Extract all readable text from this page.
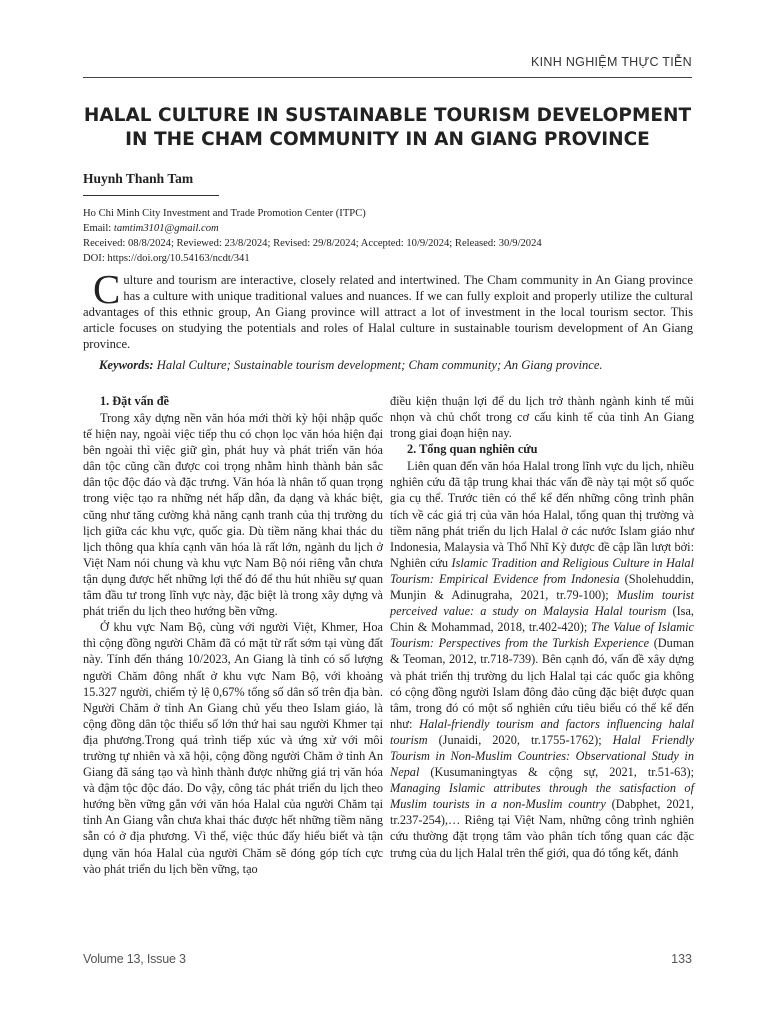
KINH NGHIỆM THỰC TIỄN
HALAL CULTURE IN SUSTAINABLE TOURISM DEVELOPMENT
IN THE CHAM COMMUNITY IN AN GIANG PROVINCE
Huynh Thanh Tam
Ho Chi Minh City Investment and Trade Promotion Center (ITPC)
Email: tamtim3101@gmail.com
Received: 08/8/2024; Reviewed: 23/8/2024; Revised: 29/8/2024; Accepted: 10/9/2024; Released: 30/9/2024
DOI: https://doi.org/10.54163/ncdt/341

Culture and tourism are interactive, closely related and intertwined. The Cham community in An Giang province has a culture with unique traditional values and nuances. If we can fully exploit and properly utilize the cultural advantages of this ethnic group, An Giang province will attract a lot of investment in the local tourism sector. This article focuses on studying the potentials and roles of Halal culture in sustainable tourism development of An Giang province.

Keywords: Halal Culture; Sustainable tourism development; Cham community; An Giang province.
1. Đặt vấn đề

Trong xây dựng nền văn hóa mới thời kỳ hội nhập quốc tế hiện nay, ngoài việc tiếp thu có chọn lọc văn hóa hiện đại bên ngoài thì việc giữ gìn, phát huy và phát triển văn hóa dân tộc cũng cần được coi trọng nhằm hình thành bản sắc dân tộc độc đáo và đặc trưng. Văn hóa là nhân tố quan trọng trong việc tạo ra những nét hấp dẫn, đa dạng và khác biệt, cũng như tăng cường khả năng cạnh tranh của thị trường du lịch giữa các khu vực, quốc gia. Dù tiềm năng khai thác du lịch thông qua khía cạnh văn hóa là rất lớn, ngành du lịch ở Việt Nam nói chung và khu vực Nam Bộ nói riêng vẫn chưa tận dụng được hết những lợi thế đó để thu hút nhiều sự quan tâm đầu tư trong lĩnh vực này, đặc biệt là trong xây dựng và phát triển du lịch theo hướng bền vững.

Ở khu vực Nam Bộ, cùng với người Việt, Khmer, Hoa thì cộng đồng người Chăm đã có mặt từ rất sớm tại vùng đất này. Tính đến tháng 10/2023, An Giang là tỉnh có số lượng người Chăm đông nhất ở khu vực Nam Bộ, với khoảng 15.327 người, chiếm tỷ lệ 0,67% tổng số dân số trên địa bàn. Người Chăm ở tỉnh An Giang chủ yếu theo Islam giáo, là cộng đồng dân tộc thiểu số lớn thứ hai sau người Khmer tại địa phương.Trong quá trình tiếp xúc và ứng xử với môi trường tự nhiên và xã hội, cộng đồng người Chăm ở tỉnh An Giang đã sáng tạo và hình thành được những giá trị văn hóa và đậm tộc độc đáo. Do vậy, công tác phát triển du lịch theo hướng bền vững gắn với văn hóa Halal của người Chăm tại tỉnh An Giang vẫn chưa khai thác được hết những tiềm năng sẵn có ở địa phương. Vì thế, việc thúc đẩy hiểu biết và tận dụng văn hóa Halal của người Chăm sẽ đóng góp tích cực vào phát triển du lịch bền vững, tạo

điều kiện thuận lợi để du lịch trở thành ngành kinh tế mũi nhọn và chủ chốt trong cơ cấu kinh tế của tỉnh An Giang trong giai đoạn hiện nay.

2. Tổng quan nghiên cứu

Liên quan đến văn hóa Halal trong lĩnh vực du lịch, nhiều nghiên cứu đã tập trung khai thác vấn đề này tại một số quốc gia cụ thể. Trước tiên có thể kể đến những công trình phân tích về các giá trị của văn hóa Halal, tổng quan thị trường và tiềm năng phát triển du lịch Halal ở các nước Islam giáo như Indonesia, Malaysia và Thổ Nhĩ Kỳ được đề cập lần lượt bởi: Nghiên cứu Islamic Tradition and Religious Culture in Halal Tourism: Empirical Evidence from Indonesia (Sholehuddin, Munjin & Adinugraha, 2021, tr.79-100); Muslim tourist perceived value: a study on Malaysia Halal tourism (Isa, Chin & Mohammad, 2018, tr.402-420); The Value of Islamic Tourism: Perspectives from the Turkish Experience (Duman & Teoman, 2012, tr.718-739). Bên cạnh đó, vấn đề xây dựng và phát triển thị trường du lịch Halal tại các quốc gia không có cộng đồng người Islam đông đảo cũng đặc biệt được quan tâm, trong đó có một số nghiên cứu tiêu biểu có thể kể đến như: Halal-friendly tourism and factors influencing halal tourism (Junaidi, 2020, tr.1755-1762); Halal Friendly Tourism in Non-Muslim Countries: Observational Study in Nepal (Kusumaningtyas & cộng sự, 2021, tr.51-63); Managing Islamic attributes through the satisfaction of Muslim tourists in a non-Muslim country (Dabphet, 2021, tr.237-254),… Riêng tại Việt Nam, những công trình nghiên cứu thường đặt trọng tâm vào phân tích tổng quan các đặc trưng của du lịch Halal trên thế giới, qua đó tổng kết, đánh

Volume 13, Issue 3	133
